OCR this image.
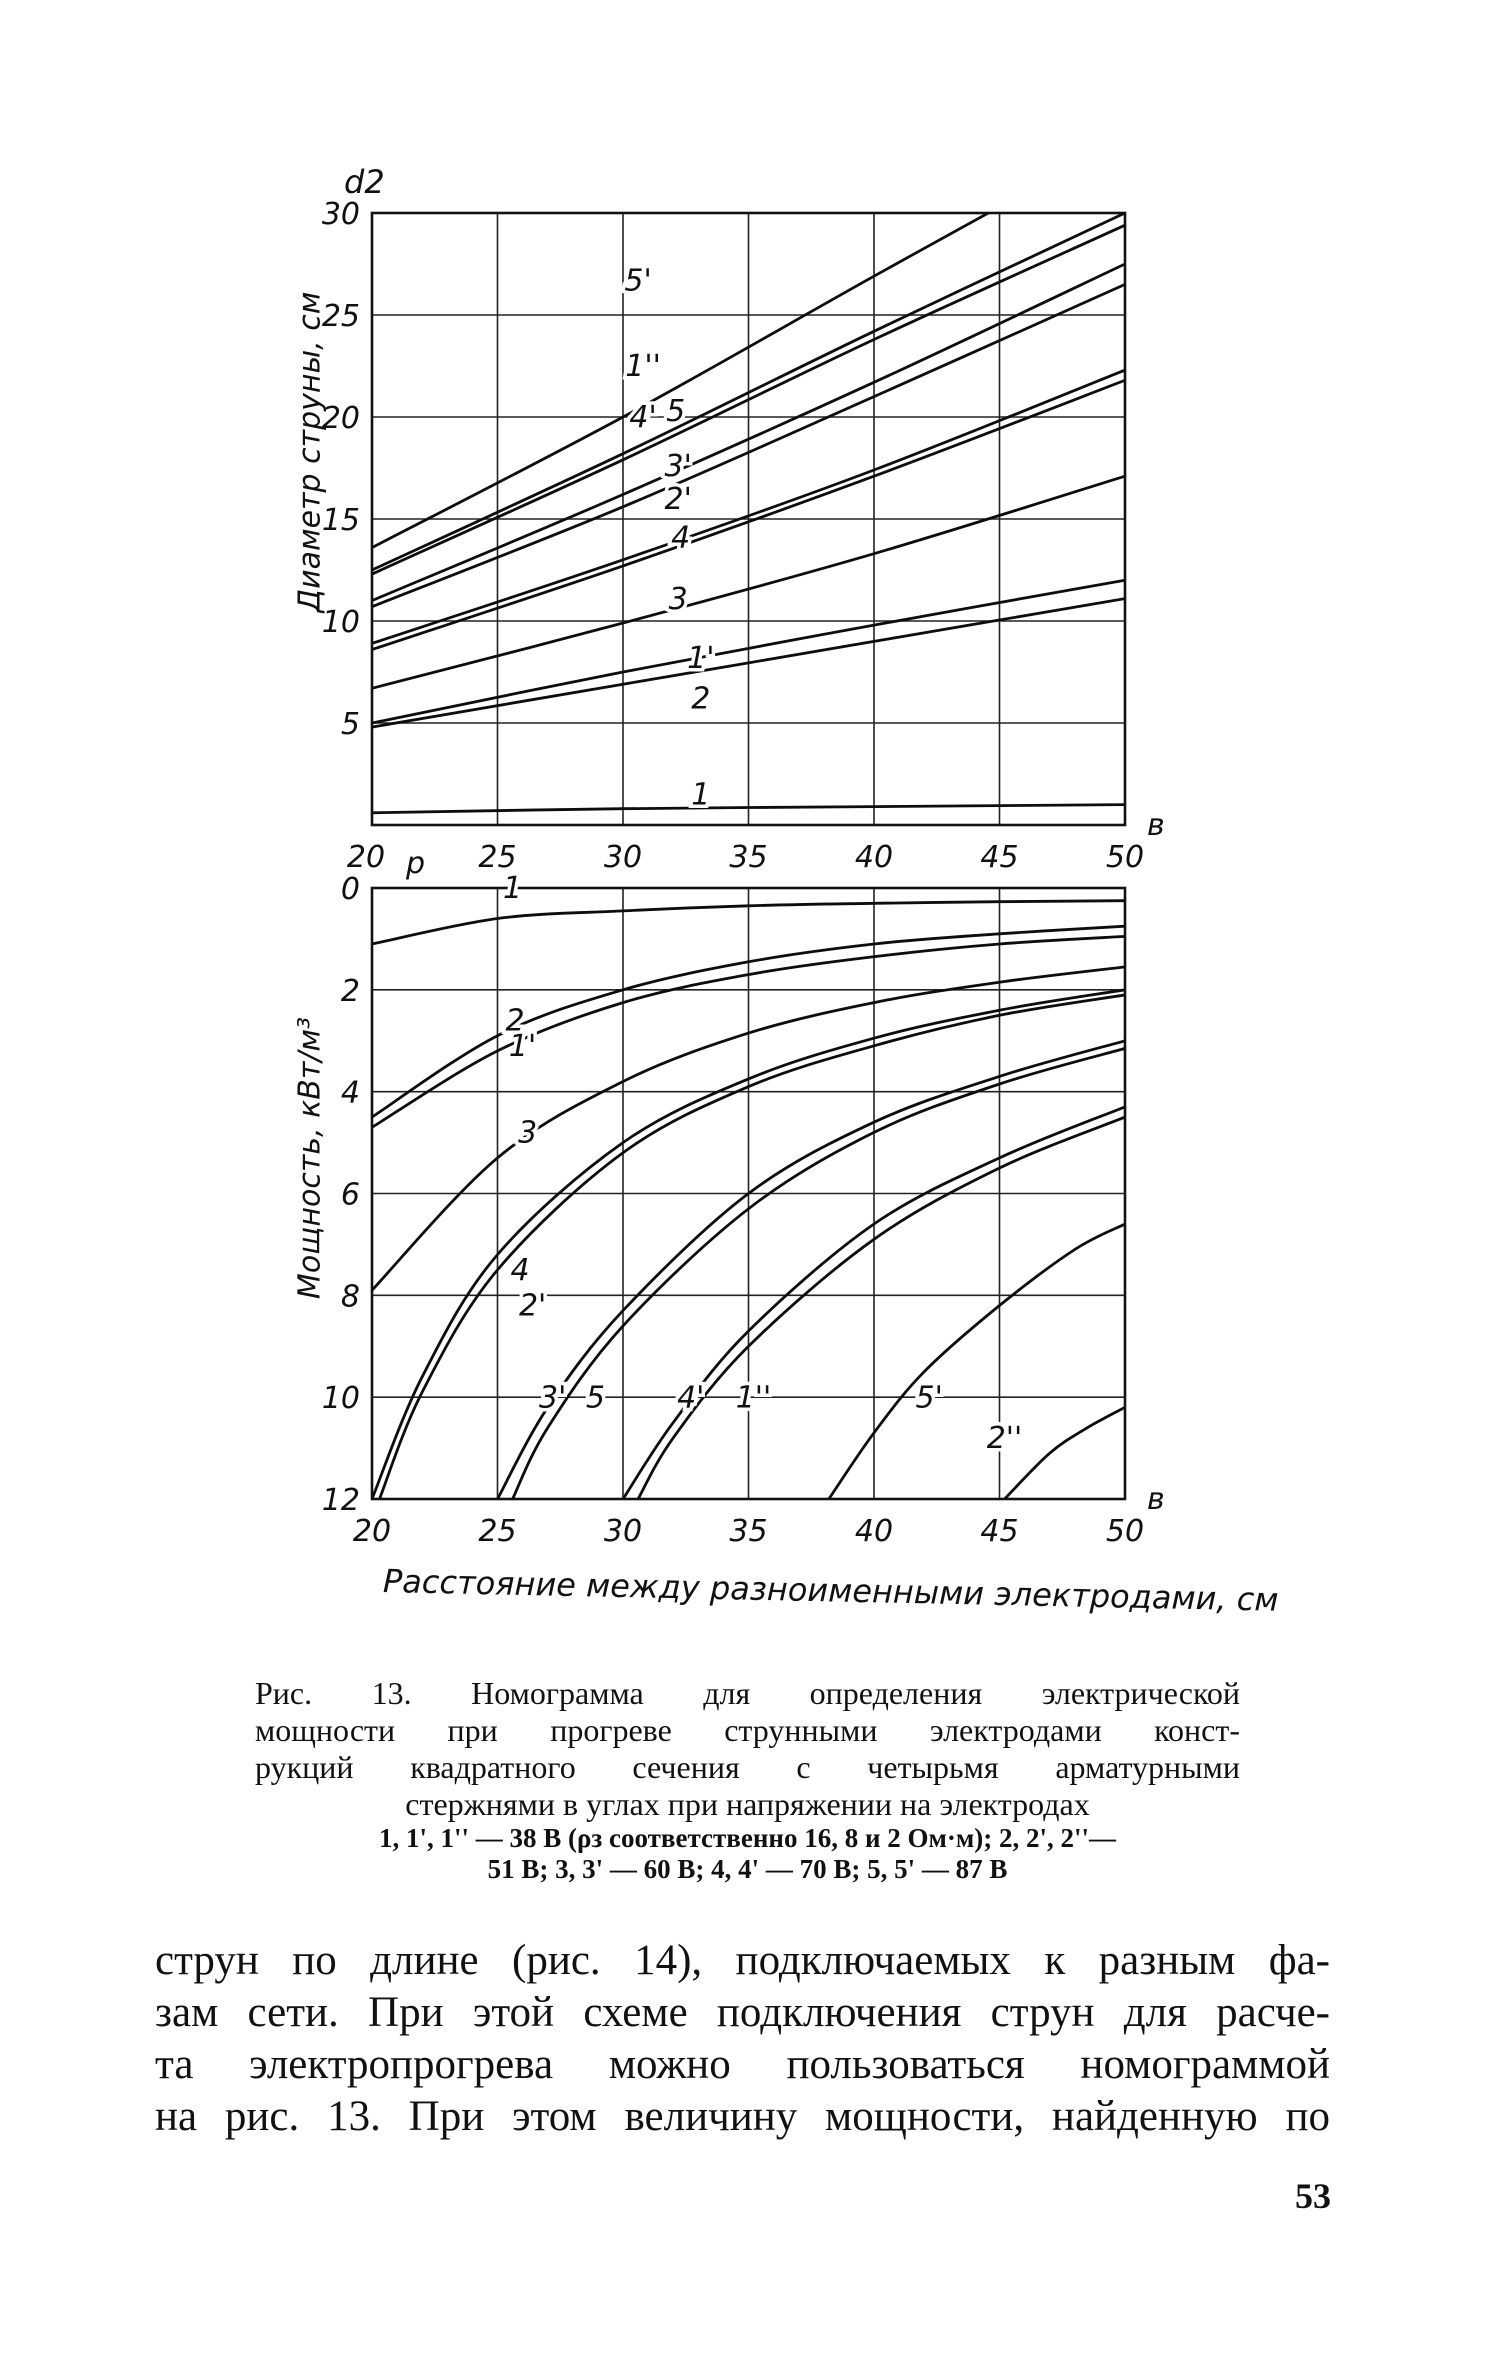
5
10
15
20
25
30
25	30	35	40	45	50
1
2
1'
3
4
2'
3'
5
1''
4'
5'
в
20 р
d2
0
2
4
6
8
10
12
20	25	30	35	40	45	50
1
2
1'
3
4
2'
3' 5 4' 1''	5'
2''
в
Диаметр струны, см
Мощность, кВт/м³
Расстояние между разноименными электродами, см
Рис. 13. Номограмма для определения электрической
мощности при прогреве струнными электродами конст-
рукций квадратного сечения с четырьмя арматурными
стержнями в углах при напряжении на электродах
1, 1', 1'' — 38 В (ρз соответственно 16, 8 и 2 Ом·м); 2, 2', 2''—
51 В; 3, 3' — 60 В; 4, 4' — 70 В; 5, 5' — 87 В
струн по длине (рис. 14), подключаемых к разным фа-
зам сети. При этой схеме подключения струн для расче-
та электропрогрева можно пользоваться номограммой
на рис. 13. При этом величину мощности, найденную по
53
